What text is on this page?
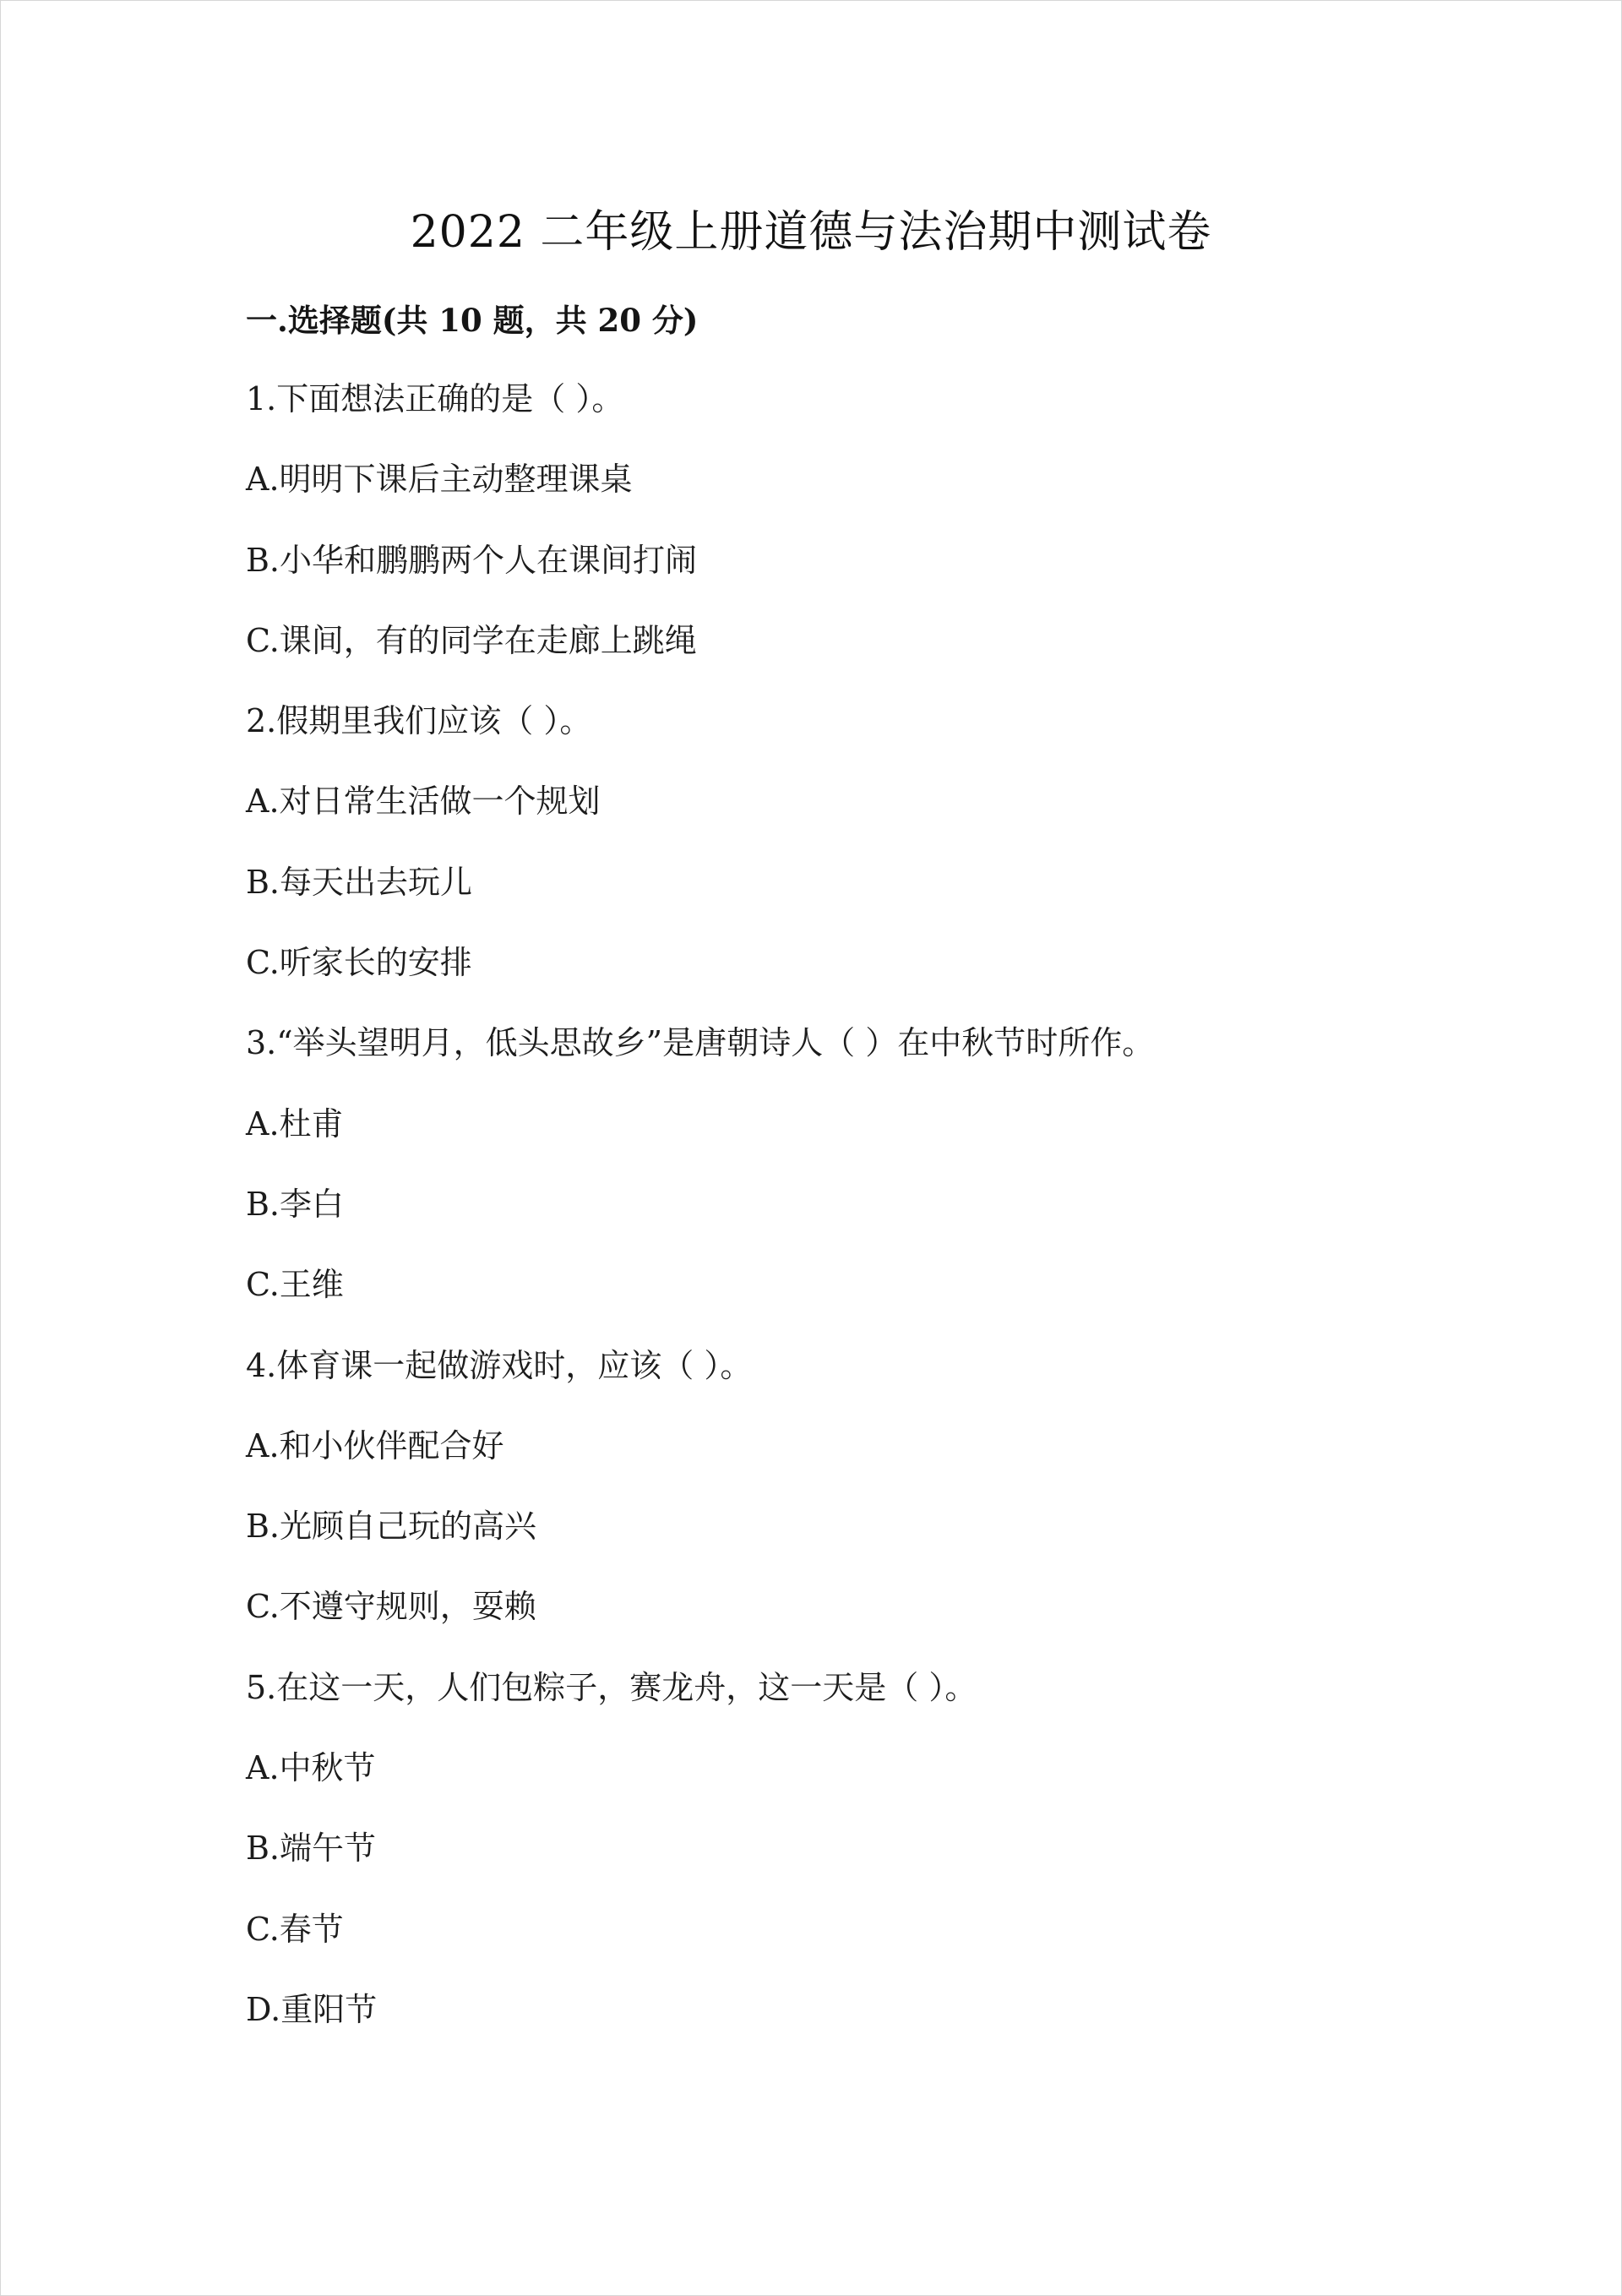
2022 二年级上册道德与法治期中测试卷
一.选择题(共 10 题，共 20 分)
1.下面想法正确的是（ ）。
A.明明下课后主动整理课桌
B.小华和鹏鹏两个人在课间打闹
C.课间，有的同学在走廊上跳绳
2.假期里我们应该（ ）。
A.对日常生活做一个规划
B.每天出去玩儿
C.听家长的安排
3.“举头望明月，低头思故乡”是唐朝诗人（ ）在中秋节时所作。
A.杜甫
B.李白
C.王维
4.体育课一起做游戏时，应该（ ）。
A.和小伙伴配合好
B.光顾自己玩的高兴
C.不遵守规则，耍赖
5.在这一天，人们包粽子，赛龙舟，这一天是（ ）。
A.中秋节
B.端午节
C.春节
D.重阳节
